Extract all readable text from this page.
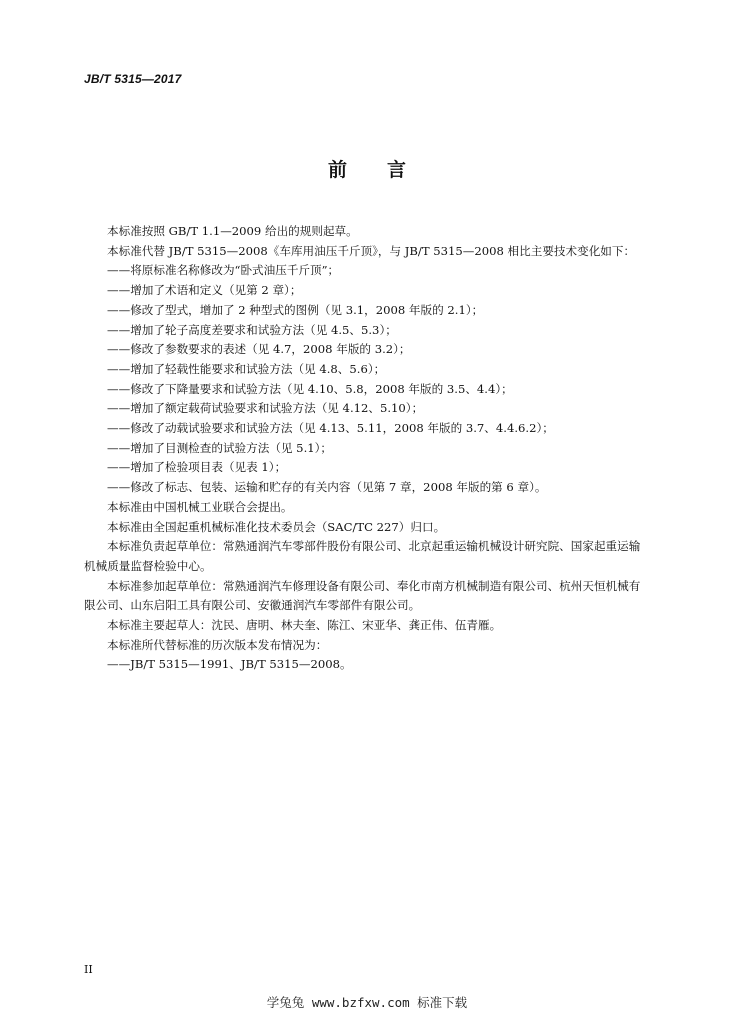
JB/T 5315—2017
前言

本标准按照 GB/T 1.1—2009 给出的规则起草。

本标准代替 JB/T 5315—2008《车库用油压千斤顶》，与 JB/T 5315—2008 相比主要技术变化如下：

——将原标准名称修改为“卧式油压千斤顶”；

——增加了术语和定义（见第 2 章）；

——修改了型式，增加了 2 种型式的图例（见 3.1，2008 年版的 2.1）；

——增加了轮子高度差要求和试验方法（见 4.5、5.3）；

——修改了参数要求的表述（见 4.7，2008 年版的 3.2）；

——增加了轻载性能要求和试验方法（见 4.8、5.6）；

——修改了下降量要求和试验方法（见 4.10、5.8，2008 年版的 3.5、4.4）；

——增加了额定载荷试验要求和试验方法（见 4.12、5.10）；

——修改了动载试验要求和试验方法（见 4.13、5.11，2008 年版的 3.7、4.4.6.2）；

——增加了目测检查的试验方法（见 5.1）；

——增加了检验项目表（见表 1）；

——修改了标志、包装、运输和贮存的有关内容（见第 7 章，2008 年版的第 6 章）。

本标准由中国机械工业联合会提出。

本标准由全国起重机械标准化技术委员会（SAC/TC 227）归口。

本标准负责起草单位：常熟通润汽车零部件股份有限公司、北京起重运输机械设计研究院、国家起重运输机械质量监督检验中心。

本标准参加起草单位：常熟通润汽车修理设备有限公司、奉化市南方机械制造有限公司、杭州天恒机械有限公司、山东启阳工具有限公司、安徽通润汽车零部件有限公司。

本标准主要起草人：沈民、唐明、林夫奎、陈江、宋亚华、龚正伟、伍青雁。

本标准所代替标准的历次版本发布情况为：

——JB/T 5315—1991、JB/T 5315—2008。

II
学兔兔 www.bzfxw.com 标准下载
